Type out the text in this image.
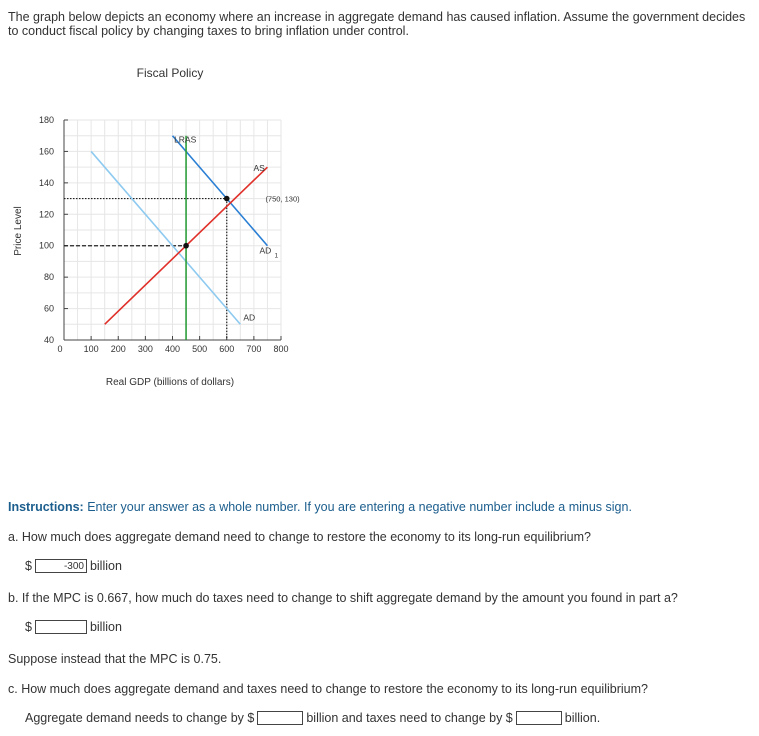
The graph below depicts an economy where an increase in aggregate demand has caused inflation. Assume the government decides to conduct fiscal policy by changing taxes to bring inflation under control.

Fiscal Policy
40
60
80
100
120
140
160
180
0 100 200 300 400 500 600 700 800
LRAS
AS
AD
AD
1
(750, 130)
Real GDP (billions of dollars)
Price Level

Instructions: Enter your answer as a whole number. If you are entering a negative number include a minus sign.

a. How much does aggregate demand need to change to restore the economy to its long-run equilibrium?

$	-300 billion

b. If the MPC is 0.667, how much do taxes need to change to shift aggregate demand by the amount you found in part a?

$	billion

Suppose instead that the MPC is 0.75.

c. How much does aggregate demand and taxes need to change to restore the economy to its long-run equilibrium?

Aggregate demand needs to change by $	billion and taxes need to change by $	billion.
